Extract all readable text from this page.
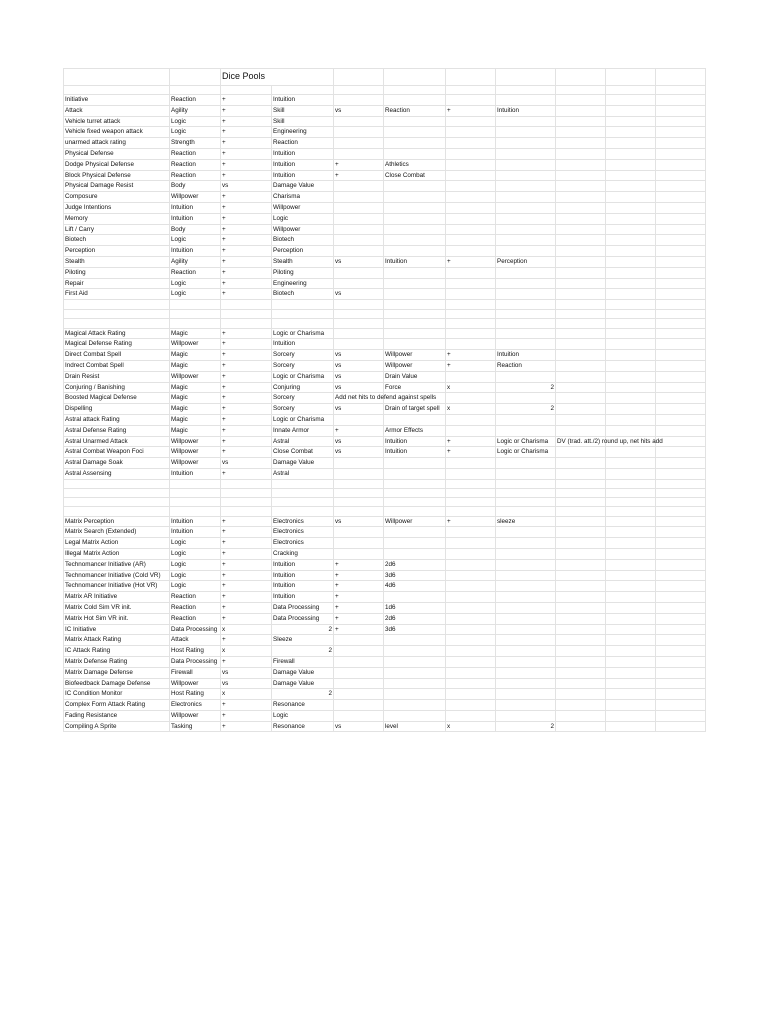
		Dice Pools								

Initiative	Reaction	+	Intuition							
Attack	Agility	+	Skill	vs	Reaction	+	Intuition			
Vehicle turret attack	Logic	+	Skill							
Vehicle fixed weapon attack	Logic	+	Engineering							
unarmed attack rating	Strength	+	Reaction							
Physical Defense	Reaction	+	Intuition							
Dodge Physical Defense	Reaction	+	Intuition	+	Athletics					
Block Physical Defense	Reaction	+	Intuition	+	Close Combat					
Physical Damage Resist	Body	vs	Damage Value							
Composure	Willpower	+	Charisma							
Judge Intentions	Intuition	+	Willpower							
Memory	Intuition	+	Logic							
Lift / Carry	Body	+	Willpower							
Biotech	Logic	+	Biotech							
Perception	Intuition	+	Perception							
Stealth	Agility	+	Stealth	vs	Intuition	+	Perception			
Piloting	Reaction	+	Piloting							
Repair	Logic	+	Engineering							
First Aid	Logic	+	Biotech	vs						

Magical Attack Rating	Magic	+	Logic or Charisma							
Magical Defense Rating	Willpower	+	Intuition							
Direct Combat Spell	Magic	+	Sorcery	vs	Willpower	+	Intuition			
Indrect Combat Spell	Magic	+	Sorcery	vs	Willpower	+	Reaction			
Drain Resist	Willpower	+	Logic or Charisma	vs	Drain Value					
Conjuring / Banishing	Magic	+	Conjuring	vs	Force	x	2			
Boosted Magical Defense	Magic	+	Sorcery	Add net hits to defend against spells						
Dispelling	Magic	+	Sorcery	vs	Drain of target spell	x	2			
Astral attack Rating	Magic	+	Logic or Charisma							
Astral Defense Rating	Magic	+	Innate Armor	+	Armor Effects					
Astral Unarmed Attack	Willpower	+	Astral	vs	Intuition	+	Logic or Charisma	DV (trad. att./2) round up, net hits add		
Astral Combat Weapon Foci	Willpower	+	Close Combat	vs	Intuition	+	Logic or Charisma			
Astral Damage Soak	Willpower	vs	Damage Value							
Astral Assensing	Intuition	+	Astral							

Matrix Perception	Intuition	+	Electronics	vs	Willpower	+	sleeze			
Matrix Search (Extended)	Intuition	+	Electronics							
Legal Matrix Action	Logic	+	Electronics							
Illegal Matrix Action	Logic	+	Cracking							
Technomancer Initiative (AR)	Logic	+	Intuition	+	2d6					
Technomancer Initiative (Cold VR)	Logic	+	Intuition	+	3d6					
Technomancer Initiative (Hot VR)	Logic	+	Intuition	+	4d6					
Matrix AR Initiative	Reaction	+	Intuition	+						
Matrix Cold Sim VR init.	Reaction	+	Data Processing	+	1d6					
Matrix Hot Sim VR init.	Reaction	+	Data Processing	+	2d6					
IC Initiative	Data Processing	x	2	+	3d6					
Matrix Attack Rating	Attack	+	Sleeze							
IC Attack Rating	Host Rating	x	2							
Matrix Defense Rating	Data Processing	+	Firewall							
Matrix Damage Defense	Firewall	vs	Damage Value							
Biofeedback Damage Defense	Willpower	vs	Damage Value							
IC Condition Monitor	Host Rating	x	2							
Complex Form Attack Rating	Electronics	+	Resonance							
Fading Resistance	Willpower	+	Logic							
Compiling A Sprite	Tasking	+	Resonance	vs	level	x	2			
